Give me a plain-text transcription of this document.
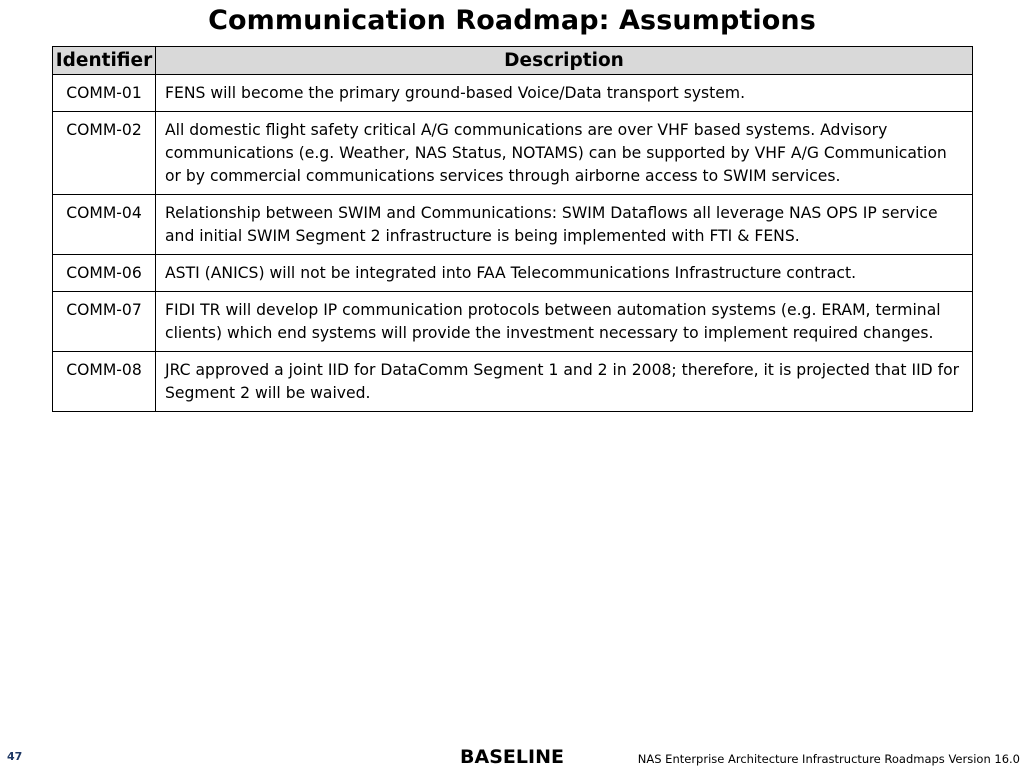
Communication Roadmap: Assumptions
Identifier	Description
COMM-01	FENS will become the primary ground-based Voice/Data transport system.
COMM-02	All domestic flight safety critical A/G communications are over VHF based systems. Advisory communications (e.g. Weather, NAS Status, NOTAMS) can be supported by VHF A/G Communication or by commercial communications services through airborne access to SWIM services.
COMM-04	Relationship between SWIM and Communications: SWIM Dataflows all leverage NAS OPS IP service and initial SWIM Segment 2 infrastructure is being implemented with FTI & FENS.
COMM-06	ASTI (ANICS) will not be integrated into FAA Telecommunications Infrastructure contract.
COMM-07	FIDI TR will develop IP communication protocols between automation systems (e.g. ERAM, terminal clients) which end systems will provide the investment necessary to implement required changes.
COMM-08	JRC approved a joint IID for DataComm Segment 1 and 2 in 2008; therefore, it is projected that IID for Segment 2 will be waived.
47	BASELINE	NAS Enterprise Architecture Infrastructure Roadmaps Version 16.0
